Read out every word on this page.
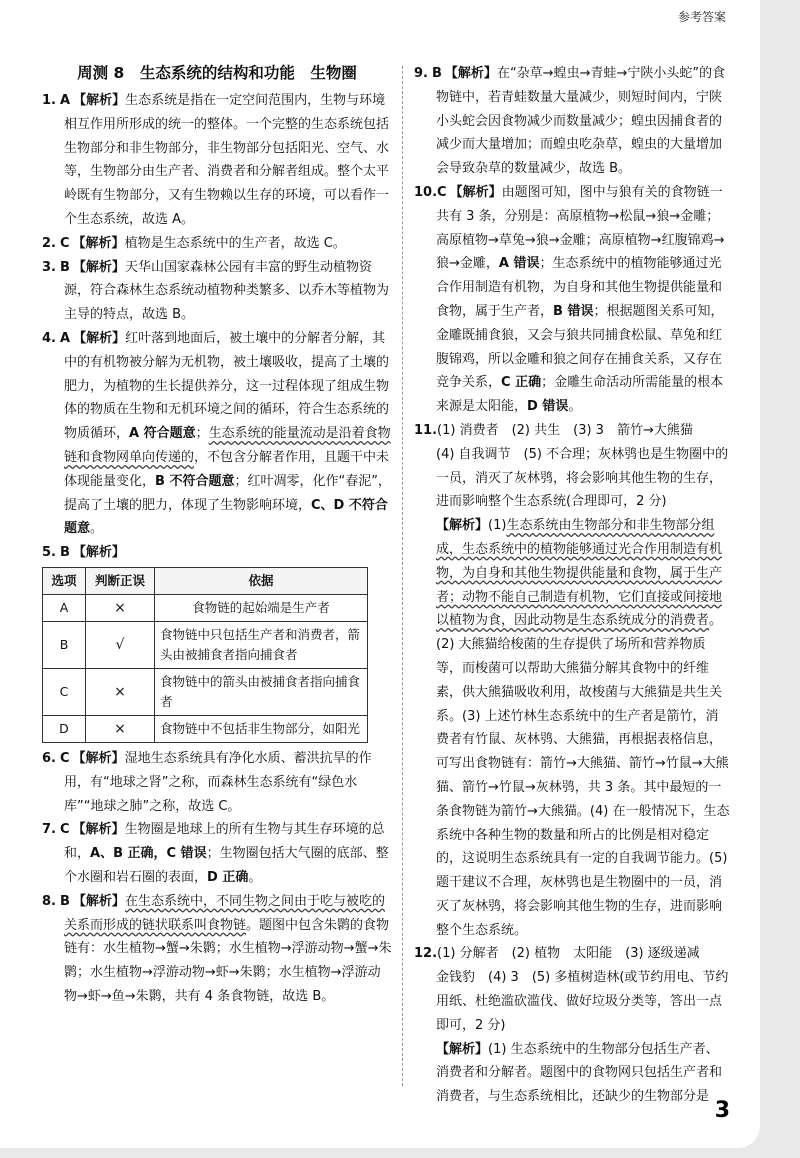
参考答案
周测 8　生态系统的结构和功能　生物圈
1. A 【解析】生态系统是指在一定空间范围内，生物与环境相互作用所形成的统一的整体。一个完整的生态系统包括生物部分和非生物部分，非生物部分包括阳光、空气、水等，生物部分由生产者、消费者和分解者组成。整个太平岭既有生物部分，又有生物赖以生存的环境，可以看作一个生态系统，故选 A。
2. C 【解析】植物是生态系统中的生产者，故选 C。
3. B 【解析】天华山国家森林公园有丰富的野生动植物资源，符合森林生态系统动植物种类繁多、以乔木等植物为主导的特点，故选 B。
4. A 【解析】红叶落到地面后，被土壤中的分解者分解，其中的有机物被分解为无机物，被土壤吸收，提高了土壤的肥力，为植物的生长提供养分，这一过程体现了组成生物体的物质在生物和无机环境之间的循环，符合生态系统的物质循环，A 符合题意；生态系统的能量流动是沿着食物链和食物网单向传递的，不包含分解者作用，且题干中未体现能量变化，B 不符合题意；红叶凋零，化作“春泥”，提高了土壤的肥力，体现了生物影响环境，C、D 不符合题意。
5. B 【解析】
选项	判断正误	依据
A	×	食物链的起始端是生产者
B	√	食物链中只包括生产者和消费者，箭头由被捕食者指向捕食者
C	×	食物链中的箭头由被捕食者指向捕食者
D	×	食物链中不包括非生物部分，如阳光
6. C 【解析】湿地生态系统具有净化水质、蓄洪抗旱的作用，有“地球之肾”之称，而森林生态系统有“绿色水库”“地球之肺”之称，故选 C。
7. C 【解析】生物圈是地球上的所有生物与其生存环境的总和，A、B 正确，C 错误；生物圈包括大气圈的底部、整个水圈和岩石圈的表面，D 正确。
8. B 【解析】在生态系统中，不同生物之间由于吃与被吃的关系而形成的链状联系叫食物链。题图中包含朱鹮的食物链有：水生植物→蟹→朱鹮；水生植物→浮游动物→蟹→朱鹮；水生植物→浮游动物→虾→朱鹮；水生植物→浮游动物→虾→鱼→朱鹮，共有 4 条食物链，故选 B。
9. B 【解析】在“杂草→蝗虫→青蛙→宁陕小头蛇”的食物链中，若青蛙数量大量减少，则短时间内，宁陕小头蛇会因食物减少而数量减少；蝗虫因捕食者的减少而大量增加；而蝗虫吃杂草，蝗虫的大量增加会导致杂草的数量减少，故选 B。
10.C 【解析】由题图可知，图中与狼有关的食物链一共有 3 条，分别是：高原植物→松鼠→狼→金雕；高原植物→草兔→狼→金雕；高原植物→红腹锦鸡→狼→金雕，A 错误；生态系统中的植物能够通过光合作用制造有机物，为自身和其他生物提供能量和食物，属于生产者，B 错误；根据题图关系可知，金雕既捕食狼，又会与狼共同捕食松鼠、草兔和红腹锦鸡，所以金雕和狼之间存在捕食关系，又存在竞争关系，C 正确；金雕生命活动所需能量的根本来源是太阳能，D 错误。
11.(1) 消费者　(2) 共生　(3) 3　箭竹→大熊猫
(4) 自我调节　(5) 不合理；灰林鸮也是生物圈中的一员，消灭了灰林鸮，将会影响其他生物的生存，进而影响整个生态系统(合理即可，2 分)
【解析】(1)生态系统由生物部分和非生物部分组成，生态系统中的植物能够通过光合作用制造有机物，为自身和其他生物提供能量和食物，属于生产者；动物不能自己制造有机物，它们直接或间接地以植物为食，因此动物是生态系统成分的消费者。(2) 大熊猫给梭菌的生存提供了场所和营养物质等，而梭菌可以帮助大熊猫分解其食物中的纤维素，供大熊猫吸收利用，故梭菌与大熊猫是共生关系。(3) 上述竹林生态系统中的生产者是箭竹，消费者有竹鼠、灰林鸮、大熊猫，再根据表格信息，可写出食物链有：箭竹→大熊猫、箭竹→竹鼠→大熊猫、箭竹→竹鼠→灰林鸮，共 3 条。其中最短的一条食物链为箭竹→大熊猫。(4) 在一般情况下，生态系统中各种生物的数量和所占的比例是相对稳定的，这说明生态系统具有一定的自我调节能力。(5) 题干建议不合理，灰林鸮也是生物圈中的一员，消灭了灰林鸮，将会影响其他生物的生存，进而影响整个生态系统。
12.(1) 分解者　(2) 植物　太阳能　(3) 逐级递减
金钱豹　(4) 3　(5) 多植树造林(或节约用电、节约用纸、杜绝滥砍滥伐、做好垃圾分类等，答出一点即可，2 分)
【解析】(1) 生态系统中的生物部分包括生产者、消费者和分解者。题图中的食物网只包括生产者和消费者，与生态系统相比，还缺少的生物部分是
3
